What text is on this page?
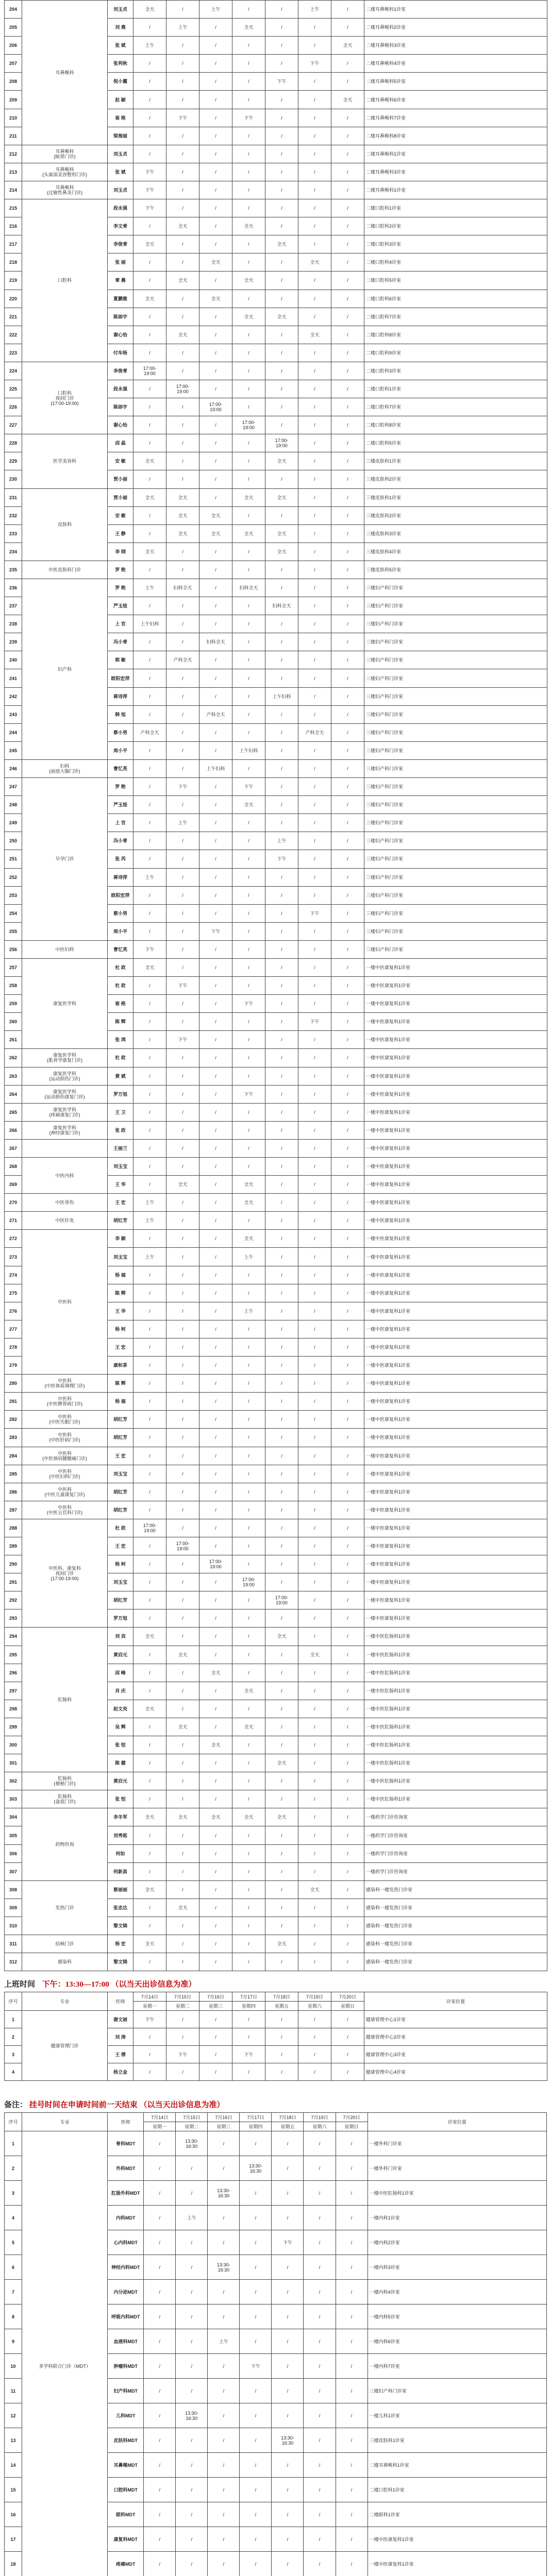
204	耳鼻喉科	刘玉贞	全天	/	上午	/	/	上午	/	二楼耳鼻喉科1诊室
205		刘 燕	/	上午	/	全天	/	/	/	二楼耳鼻喉科2诊室
206		张 斌	上午	/	/	/	/	/	全天	二楼耳鼻喉科3诊室
207		张利秋	/	/	/	/	/	下午	/	二楼耳鼻喉科4诊室
208		倪小霞	/	/	/	/	下午	/	/	二楼耳鼻喉科5诊室
209		赵 颖	/	/	/	/	/	/	全天	二楼耳鼻喉科6诊室
210		崔 格	/	下午	/	下午	/	/	/	二楼耳鼻喉科7诊室
211		梁海丽	/	/	/	/	/	/	/	二楼耳鼻喉科8诊室
212	耳鼻喉科
(眩晕门诊)	刘玉贞	/	/	/	/	/	/	/	二楼耳鼻喉科1诊室
213	耳鼻喉科
(头面部美容整形门诊)	张 斌	下午	/	/	/	/	/	/	二楼耳鼻喉科3诊室
214	耳鼻喉科
(过敏性鼻炎门诊)	刘玉贞	下午	/	/	/	/	/	/	二楼耳鼻喉科1诊室
215	口腔科	段永强	下午	/	/	/	/	/	/	二楼口腔科1诊室
216		李文青	/	全天	/	全天	/	/	/	二楼口腔科2诊室
217		李俊青	全天	/	/	/	全天	/	/	二楼口腔科3诊室
218		张 丽	/	/	全天	/	/	全天	/	二楼口腔科4诊室
219		章 晨	/	全天	/	全天	/	/	/	二楼口腔科5诊室
220		夏鹏雅	全天	/	全天	/	/	/	/	二楼口腔科6诊室
221		陈添宇	/	/	/	全天	全天	/	/	二楼口腔科7诊室
222		谢心怡	/	全天	/	/	/	全天	/	二楼口腔科8诊室
223		付车杨	/	/	/	/	/	/	/	二楼口腔科9诊室
224	口腔科
夜间门诊
(17:00-19:00)	李俊青	17:00-
19:00	/	/	/	/	/	/	二楼口腔科3诊室
225		段永强	/	17:00-
19:00	/	/	/	/	/	二楼口腔科1诊室
226		陈添宇	/	/	17:00-
19:00	/	/	/	/	二楼口腔科7诊室
227		谢心怡	/	/	/	17:00-
19:00	/	/	/	二楼口腔科8诊室
228	医学美容科	邱 晶	/	/	/	/	17:00-
19:00	/	/	二楼口腔科5诊室
229		安 敏	全天	/	/	/	全天	/	/	三楼皮肤科1诊室
230		贾小丽	/	/	/	/	/	/	/	三楼皮肤科2诊室
231	皮肤科	贾小丽	全天	全天	/	全天	全天	/	/	三楼皮肤科1诊室
232		安 敏	/	全天	全天	/	/	/	/	三楼皮肤科2诊室
233		王 静	/	全天	全天	全天	全天	/	/	三楼皮肤科3诊室
234		李 纲	全天	/	/	/	全天	/	/	三楼皮肤科4诊室
235	中医皮肤科门诊	罗 艳	/	/	/	/	/	/	/	三楼皮肤科5诊室
236	妇产科	罗 艳	上午	妇科全天	/	妇科全天	/	/	/	三楼妇产科门诊室
237		严玉娃	/	/	/	/	妇科全天	/	/	三楼妇产科门诊室
238		上 官	上午妇科	/	/	/	/	/	/	三楼妇产科门诊室
239		冯小青	/	/	妇科全天	/	/	/	/	三楼妇产科门诊室
240		郭 敏	/	产科全天	/	/	/	/	/	三楼妇产科门诊室
241		欧阳宏萍	/	/	/	/	/	/	/	三楼妇产科门诊室
242		蒋诗萍	/	/	/	/	上午妇科	/	/	三楼妇产科门诊室
243		韩 旭	/	/	产科全天	/	/	/	/	三楼妇产科门诊室
244		蔡小男	产科全天	/	/	/	/	产科全天	/	三楼妇产科门诊室
245		周小平	/	/	/	上午妇科	/	/	/	三楼妇产科门诊室
246	妇科
(前庭大腺门诊)	曹忆英	/	/	上午妇科	/	/	/	/	三楼妇产科门诊室
247	早孕门诊	罗 艳	/	下午	/	下午	/	/	/	三楼妇产科门诊室
248		严玉娃	/	/	/	全天	/	/	/	三楼妇产科门诊室
249		上 官	/	上午	/	/	/	/	/	三楼妇产科门诊室
250		冯小青	/	/	/	/	上午	/	/	三楼妇产科门诊室
251		张 芮	/	/	/	/	下午	/	/	三楼妇产科门诊室
252		蒋诗萍	上午	/	/	/	/	/	/	三楼妇产科门诊室
253		欧阳宏萍	/	/	/	/	/	/	/	三楼妇产科门诊室
254		蔡小男	/	/	/	/	/	下午	/	三楼妇产科门诊室
255		周小平	/	/	下午	/	/	/	/	三楼妇产科门诊室
256	中医妇科	曹忆英	下午	/	/	/	/	/	/	三楼妇产科门诊室
257	康复医学科	杜 政	全天	/	/	/	/	/	/	一楼中医康复科1诊室
258		杜 政	/	下午	/	/	/	/	/	一楼中医康复科1诊室
259		崔 格	/	/	/	下午	/	/	/	一楼中医康复科1诊室
260		陈 辉	/	/	/	/	/	下午	/	一楼中医康复科1诊室
261		张 鸿	/	下午	/	/	/	/	/	一楼中医康复科1诊室
262	康复医学科
(肌骨学康复门诊)	杜 政	/	/	/	/	/	/	/	一楼中医康复科1诊室
263	康复医学科
(运动损伤门诊)	黄 斌	/	/	/	/	/	/	/	一楼中医康复科1诊室
264	康复医学科
(运动损伤康复门诊)	罗万旭	/	/	/	下午	/	/	/	一楼中医康复科1诊室
265	康复医学科
(疼痛康复门诊)	王 卫	/	/	/	/	/	/	/	一楼中医康复科1诊室
266	康复医学科
(神经康复门诊)	张 政	/	/	/	/	/	/	/	一楼中医康复科1诊室
267		王丽兰	/	/	/	/	/	/	/	一楼中医康复科1诊室
268	中医内科	刘玉宝	/	/	/	/	/	/	/	一楼中医康复科1诊室
269		王 华	/	全天	/	全天	/	/	/	一楼中医康复科1诊室
270	中医骨伤	王 宏	上午	/	/	全天	/	/	/	一楼中医康复科1诊室
271	中医针灸	胡红芳	上午	/	/	/	/	/	/	一楼中医康复科1诊室
272	中医科	李 颖	/	/	/	全天	/	/	/	一楼中医康复科1诊室
273		刘玉宝	上午	/	/	上午	/	/	/	一楼中医康复科1诊室
274		杨 福	/	/	/	/	/	/	/	一楼中医康复科1诊室
275		陈 辉	/	/	/	/	/	/	/	一楼中医康复科1诊室
276		王 华	/	/	/	上午	/	/	/	一楼中医康复科1诊室
277		杨 柯	/	/	/	/	/	/	/	一楼中医康复科1诊室
278		王 宏	/	/	/	/	/	/	/	一楼中医康复科1诊室
279		康和茶	/	/	/	/	/	/	/	一楼中医康复科1诊室
280	中医科
(中医体质调理门诊)	陈 辉	/	/	/	/	/	/	/	一楼中医康复科1诊室
281	中医科
(中医脾胃病门诊)	杨 福	/	/	/	/	/	/	/	一楼中医康复科1诊室
282	中医科
(中医失眠门诊)	胡红芳	/	/	/	/	/	/	/	一楼中医康复科1诊室
283	中医科
(中医肝病门诊)	胡红芳	/	/	/	/	/	/	/	一楼中医康复科1诊室
284	中医科
(中医颈肩腰腿痛门诊)	王 宏	/	/	/	/	/	/	/	一楼中医康复科1诊室
285	中医科
(中医妇科门诊)	刘玉宝	/	/	/	/	/	/	/	一楼中医康复科1诊室
286	中医科
(中医儿童康复门诊)	胡红芳	/	/	/	/	/	/	/	一楼中医康复科1诊室
287	中医科
(中医五官科门诊)	胡红芳	/	/	/	/	/	/	/	一楼中医康复科1诊室
288	中医科、康复科
夜间门诊
(17:00-19:00)	杜 政	17:00-
19:00	/	/	/	/	/	/	一楼中医康复科1诊室
289		王 宏	/	17:00-
19:00	/	/	/	/	/	一楼中医康复科1诊室
290		杨 柯	/	/	17:00-
19:00	/	/	/	/	一楼中医康复科1诊室
291		刘玉宝	/	/	/	17:00-
19:00	/	/	/	一楼中医康复科1诊室
292		胡红芳	/	/	/	/	17:00-
19:00	/	/	一楼中医康复科1诊室
293		罗万旭	/	/	/	/	/	/	/	一楼中医康复科1诊室
294	肛肠科	刘 宾	全天	/	/	/	全天	/	/	一楼中医肛肠科1诊室
295		黄启元	/	全天	/	/	/	全天	/	一楼中医肛肠科1诊室
296		邱 峰	/	/	全天	/	/	/	/	一楼中医肛肠科1诊室
297		肖 庆	/	/	/	全天	/	/	/	一楼中医肛肠科1诊室
298		赵文炎	全天	/	/	/	/	/	/	一楼中医肛肠科1诊室
299		吴 辉	/	全天	/	全天	/	/	/	一楼中医肛肠科1诊室
300		张 恒	/	/	全天	/	/	/	/	一楼中医肛肠科1诊室
301		陈 健	/	/	/	/	全天	/	/	一楼中医肛肠科1诊室
302	肛肠科
(便秘门诊)	黄启元	/	/	/	/	/	/	/	一楼中医肛肠科1诊室
303	肛肠科
(盆底门诊)	张 恒	/	/	/	/	/	/	/	一楼中医肛肠科1诊室
304	药物咨询	李冬军	全天	全天	全天	全天	全天	/	/	一楼药学门诊咨询室
305		刘秀铭	/	/	/	/	/	/	/	一楼药学门诊咨询室
306		何如	/	/	/	/	/	/	/	一楼药学门诊咨询室
307		何新昌	/	/	/	/	/	/	/	一楼药学门诊咨询室
308	发热门诊	蔡丽丽	全天	/	/	/	/	全天	/	感染科一楼发热门诊室
309		张忠达	/	全天	/	/	/	/	/	感染科一楼发热门诊室
310		黎文锦	/	/	/	/	/	/	/	感染科一楼发热门诊室
311	结核门诊	杨 宏	全天	/	/	/	全天	/	/	感染科一楼发热门诊室
312	感染科	黎文锦	/	/	/	/	/	/	/	感染科一楼发热门诊室
上班时间 下午：13:30—17:00 （以当天出诊信息为准）
序号	专业	医师	7月14日	7月15日	7月16日	7月17日	7月18日	7月19日	7月20日	诊室位置
			星期一	星期二	星期三	星期四	星期五	星期六	星期日	
1	健康管理门诊	谢文丽	下午	/	/	/	/	/	/	健康管理中心1诊室
2		刘 涛	/	/	/	/	/	/	/	健康管理中心2诊室
3		王 倩	/	下午	/	下午	/	/	/	健康管理中心3诊室
4		杨立金	/	/	/	/	/	/	/	健康管理中心4诊室
备注： 挂号时间在申请时间前一天结束 （以当天出诊信息为准）
序号	专业	医师	7月14日	7月15日	7月16日	7月17日	7月18日	7月19日	7月20日	诊室位置
			星期一	星期二	星期三	星期四	星期五	星期六	星期日	
1	多学科联合门诊（MDT）	骨科MDT	/	13:30-
16:30	/	/	/	/	/	一楼外科门诊室
2		外科MDT	/	/	/	13:30-
16:30	/	/	/	一楼外科门诊室
3		肛肠外科MDT	/	/	13:30-
16:30	/	/	/	/	一楼中医肛肠科1诊室
4		内科MDT	/	上午	/	/	/	/	/	一楼内科1诊室
5		心内科MDT	/	/	/	/	下午	/	/	一楼内科2诊室
6		神经内科MDT	/	/	13:30-
16:30	/	/	/	/	一楼内科3诊室
7		内分泌MDT	/	/	/	/	/	/	/	一楼内科4诊室
8		呼吸内科MDT	/	/	/	/	/	/	/	一楼内科5诊室
9		血液科MDT	/	/	上午	/	/	/	/	一楼内科6诊室
10		肿瘤科MDT	/	/	/	下午	/	/	/	一楼内科7诊室
11		妇产科MDT	/	/	/	/	/	/	/	三楼妇产科门诊室
12		儿科MDT	/	13:30-
16:30	/	/	/	/	/	一楼儿科1诊室
13		皮肤科MDT	/	/	/	/	13:30-
16:30	/	/	三楼皮肤科1诊室
14		耳鼻喉MDT	/	/	/	/	/	/	/	二楼耳鼻喉科1诊室
15		口腔科MDT	/	/	/	/	/	/	/	二楼口腔科1诊室
16		眼科MDT	/	/	/	/	/	/	/	二楼眼科1诊室
17		康复科MDT	/	/	/	/	/	/	/	一楼中医康复科1诊室
18		疼痛MDT	/	/	/	/	/	/	/	一楼中医康复科1诊室
